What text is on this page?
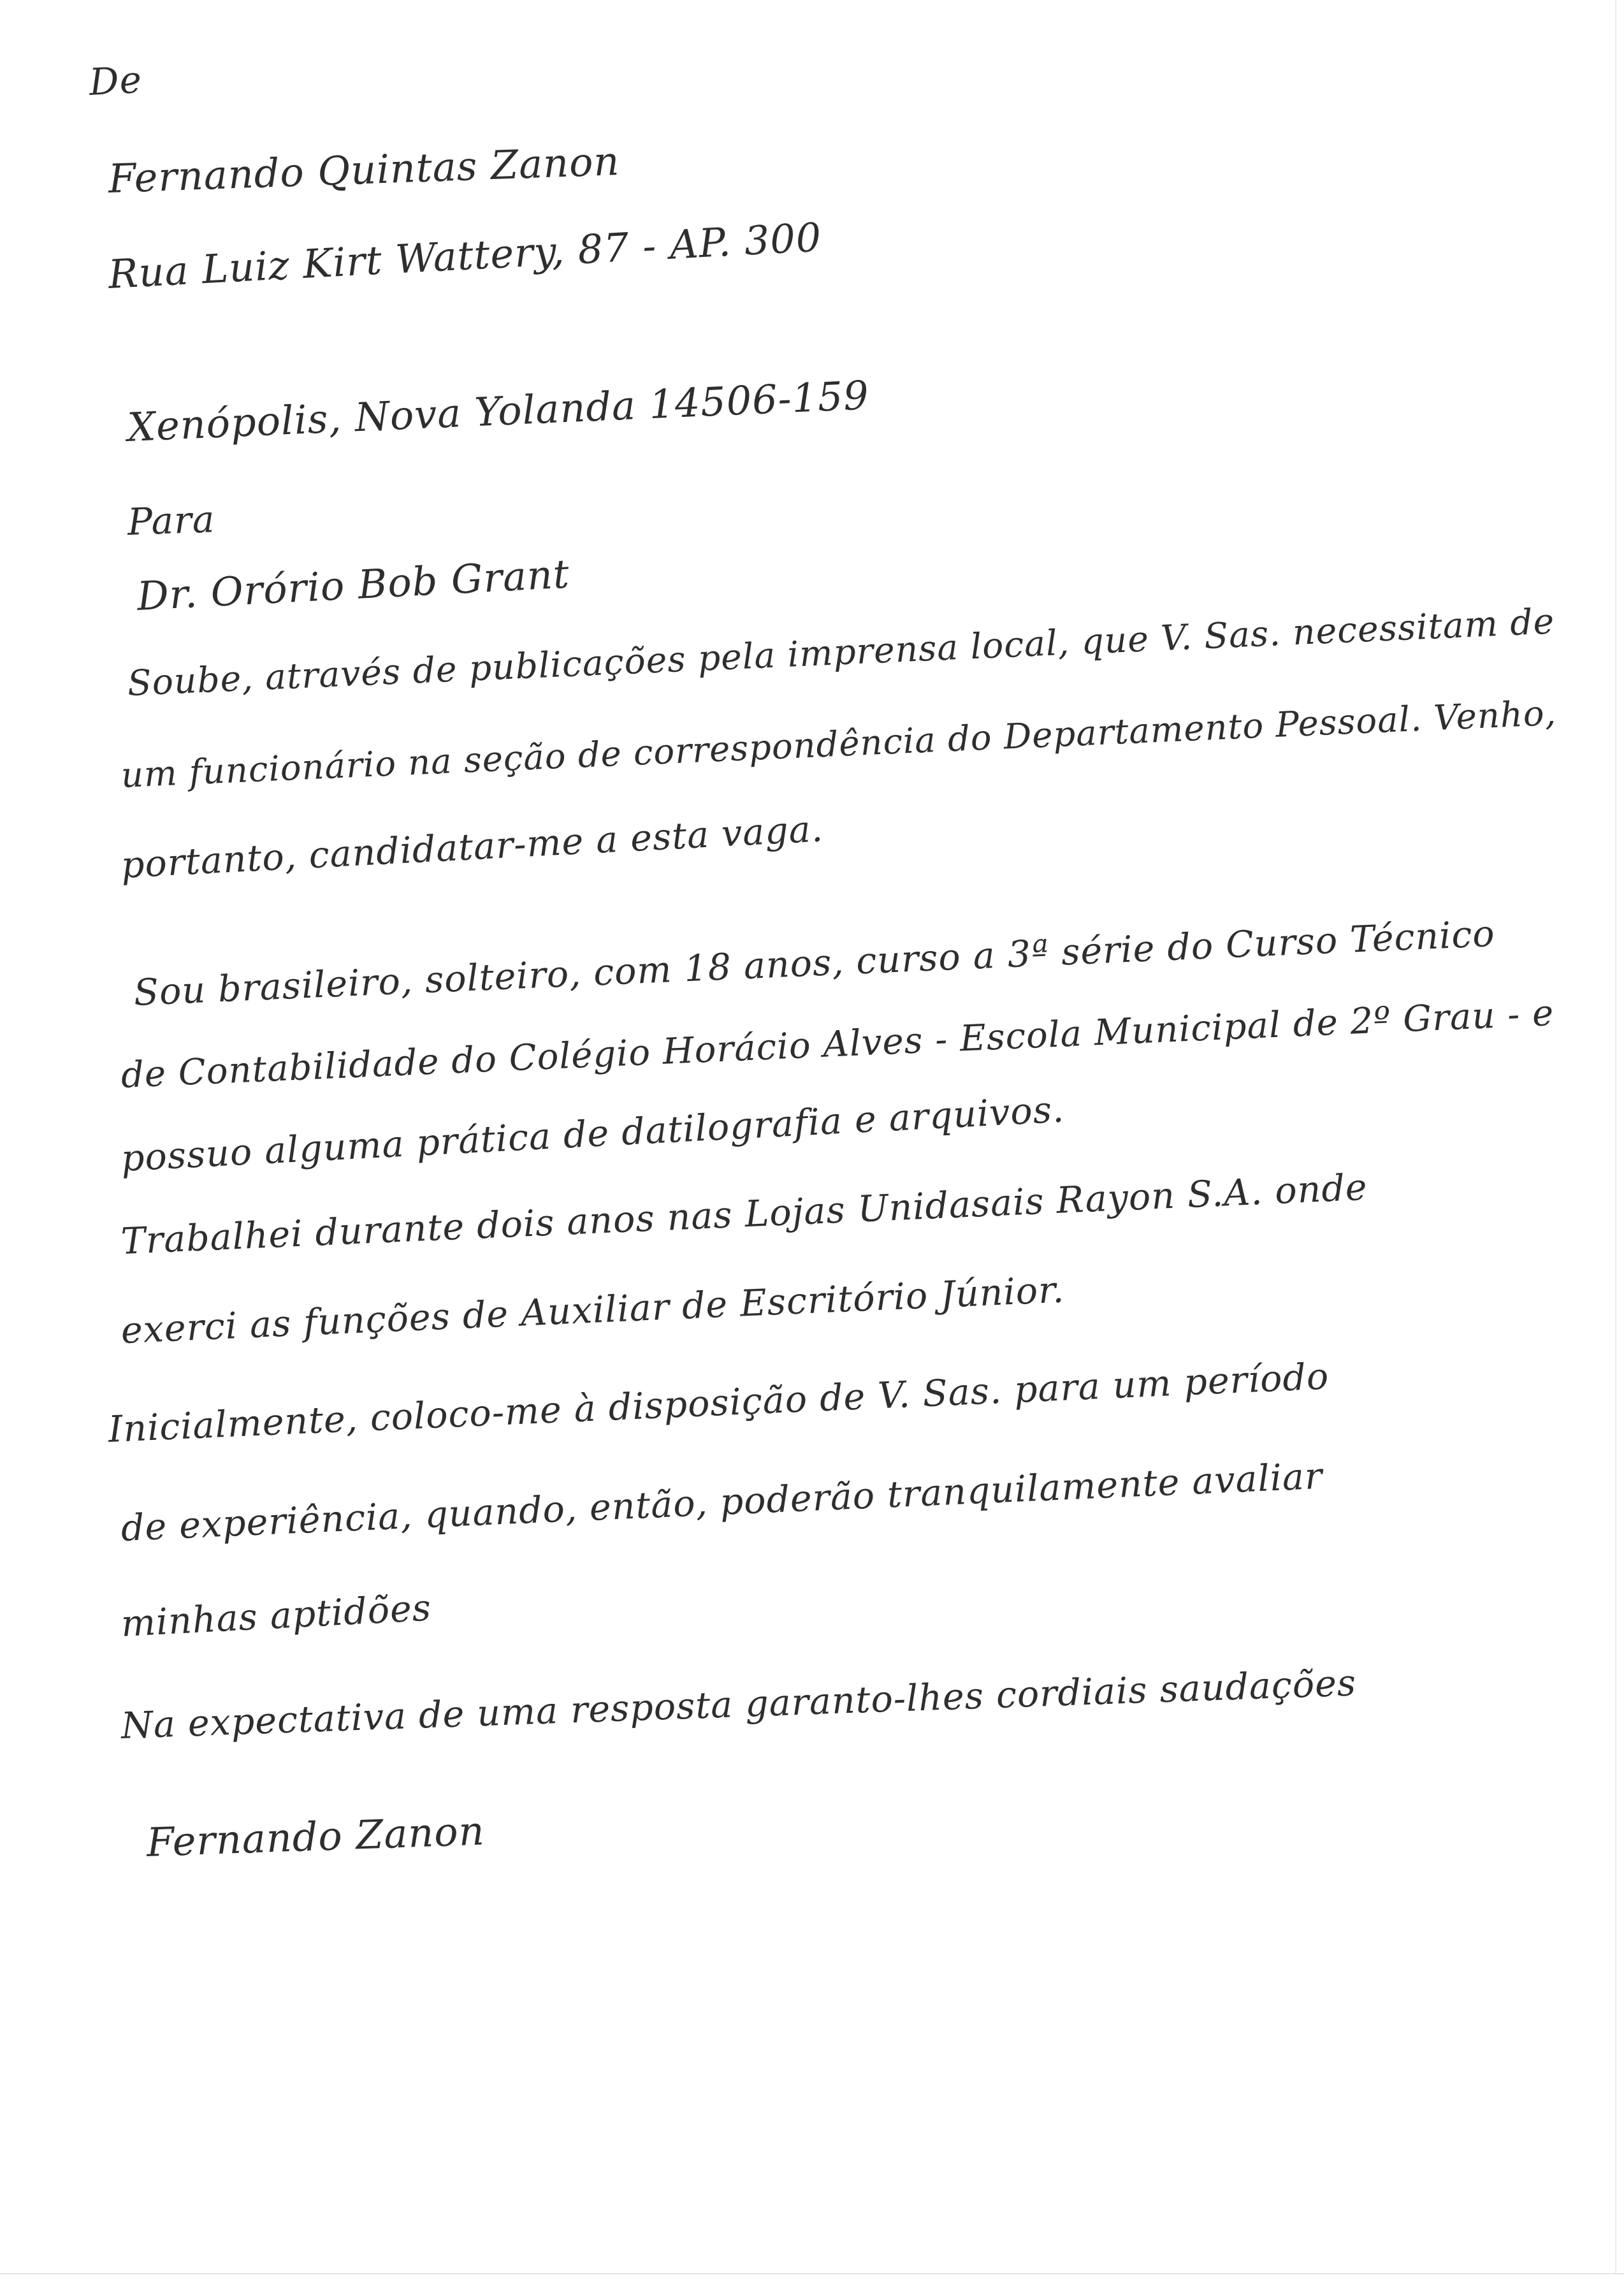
De
Fernando Quintas Zanon
Rua Luiz Kirt Wattery, 87 - AP. 300
Xenópolis, Nova Yolanda 14506-159
Para
Dr. Orório Bob Grant
Soube, através de publicações pela imprensa local, que V. Sas. necessitam de
um funcionário na seção de correspondência do Departamento Pessoal. Venho,
portanto, candidatar-me a esta vaga.
Sou brasileiro, solteiro, com 18 anos, curso a 3ª série do Curso Técnico
de Contabilidade do Colégio Horácio Alves - Escola Municipal de 2º Grau - e
possuo alguma prática de datilografia e arquivos.
Trabalhei durante dois anos nas Lojas Unidasais Rayon S.A. onde
exerci as funções de Auxiliar de Escritório Júnior.
Inicialmente, coloco-me à disposição de V. Sas. para um período
de experiência, quando, então, poderão tranquilamente avaliar
minhas aptidões
Na expectativa de uma resposta garanto-lhes cordiais saudações
Fernando Zanon
